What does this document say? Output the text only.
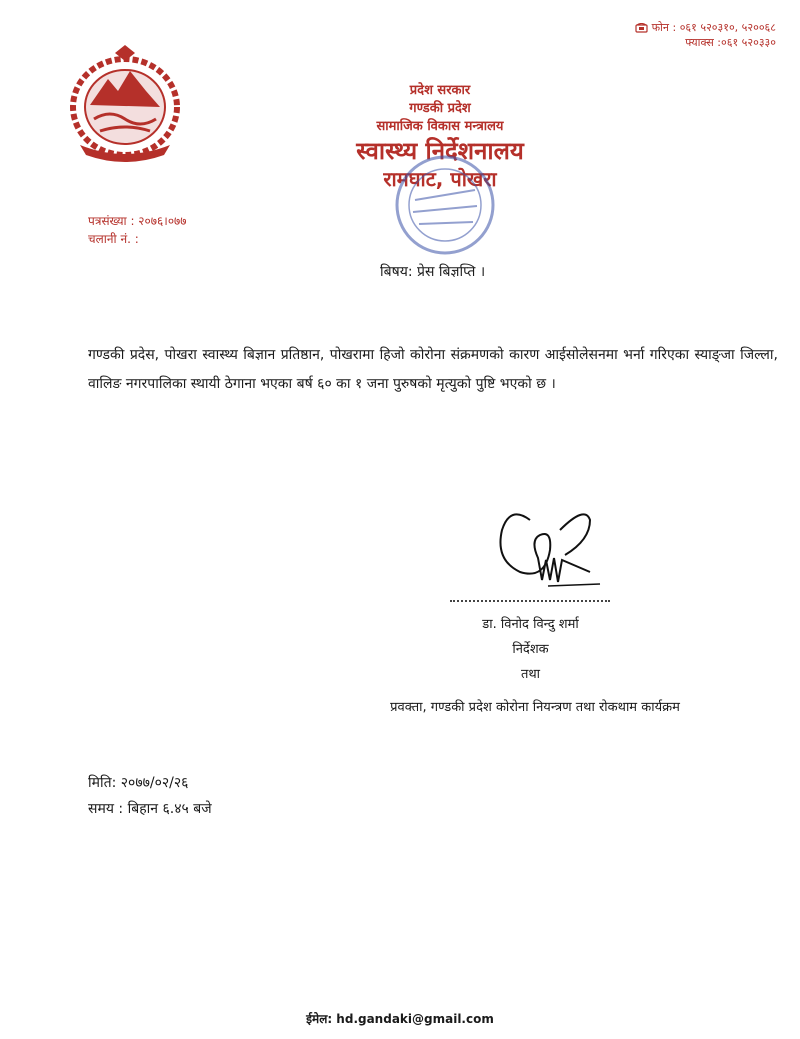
फोन : ०६१ ५२०३१०, ५२००६८
फ्याक्स :०६१ ५२०३३०
प्रदेश सरकार
गण्डकी प्रदेश
सामाजिक विकास मन्त्रालय
स्वास्थ्य निर्देशनालय
रामघाट, पोखरा
पत्रसंख्या : २०७६।०७७
चलानी नं. :
बिषय: प्रेस बिज्ञप्ति ।
गण्डकी प्रदेस, पोखरा स्वास्थ्य बिज्ञान प्रतिष्ठान, पोखरामा हिजो कोरोना संक्रमणको कारण आईसोलेसनमा भर्ना गरिएका स्याङ्जा जिल्ला, वालिङ नगरपालिका स्थायी ठेगाना भएका बर्ष ६० का १ जना पुरुषको मृत्युको पुष्टि भएको छ ।
डा. विनोद विन्दु शर्मा
निर्देशक
तथा
प्रवक्ता, गण्डकी प्रदेश कोरोना नियन्त्रण तथा रोकथाम कार्यक्रम
मिति: २०७७/०२/२६
समय : बिहान ६.४५ बजे
ईमेल: hd.gandaki@gmail.com
